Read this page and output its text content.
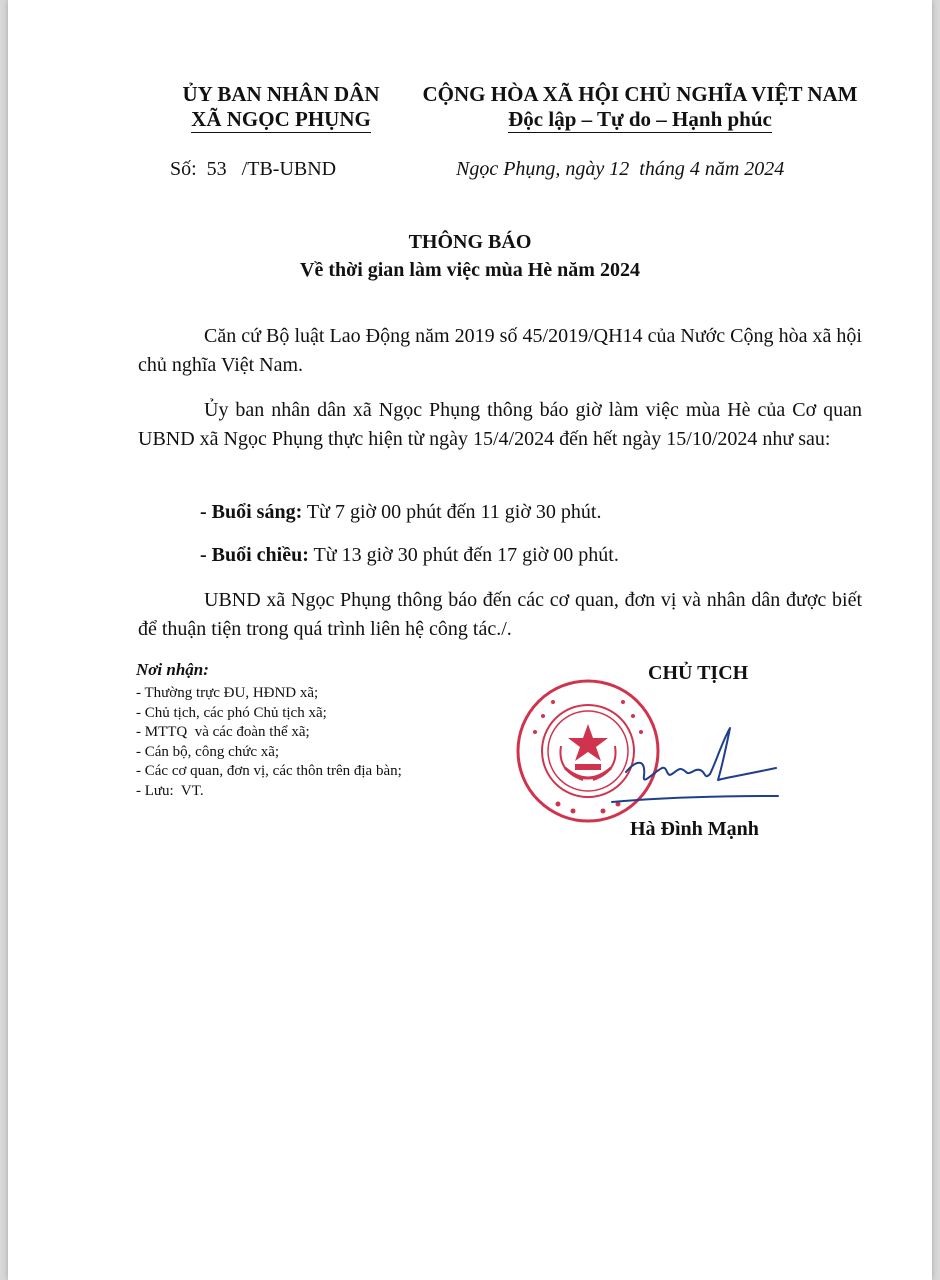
ỦY BAN NHÂN DÂN
XÃ NGỌC PHỤNG
CỘNG HÒA XÃ HỘI CHỦ NGHĨA VIỆT NAM
Độc lập – Tự do – Hạnh phúc
Số:  53   /TB-UBND	Ngọc Phụng, ngày 12  tháng 4 năm 2024
THÔNG BÁO
Về thời gian làm việc mùa Hè năm 2024
Căn cứ Bộ luật Lao Động năm 2019 số 45/2019/QH14 của Nước Cộng hòa xã hội chủ nghĩa Việt Nam.
Ủy ban nhân dân xã Ngọc Phụng thông báo giờ làm việc mùa Hè của Cơ quan UBND xã Ngọc Phụng thực hiện từ ngày 15/4/2024 đến hết ngày 15/10/2024 như sau:
- Buổi sáng: Từ 7 giờ 00 phút đến 11 giờ 30 phút.
- Buổi chiều: Từ 13 giờ 30 phút đến 17 giờ 00 phút.
UBND xã Ngọc Phụng thông báo đến các cơ quan, đơn vị và nhân dân được biết để thuận tiện trong quá trình liên hệ công tác./.
Nơi nhận:
- Thường trực ĐU, HĐND xã;
- Chủ tịch, các phó Chủ tịch xã;
- MTTQ  và các đoàn thể xã;
- Cán bộ, công chức xã;
- Các cơ quan, đơn vị, các thôn trên địa bàn;
- Lưu:  VT.
CHỦ TỊCH
Hà Đình Mạnh
